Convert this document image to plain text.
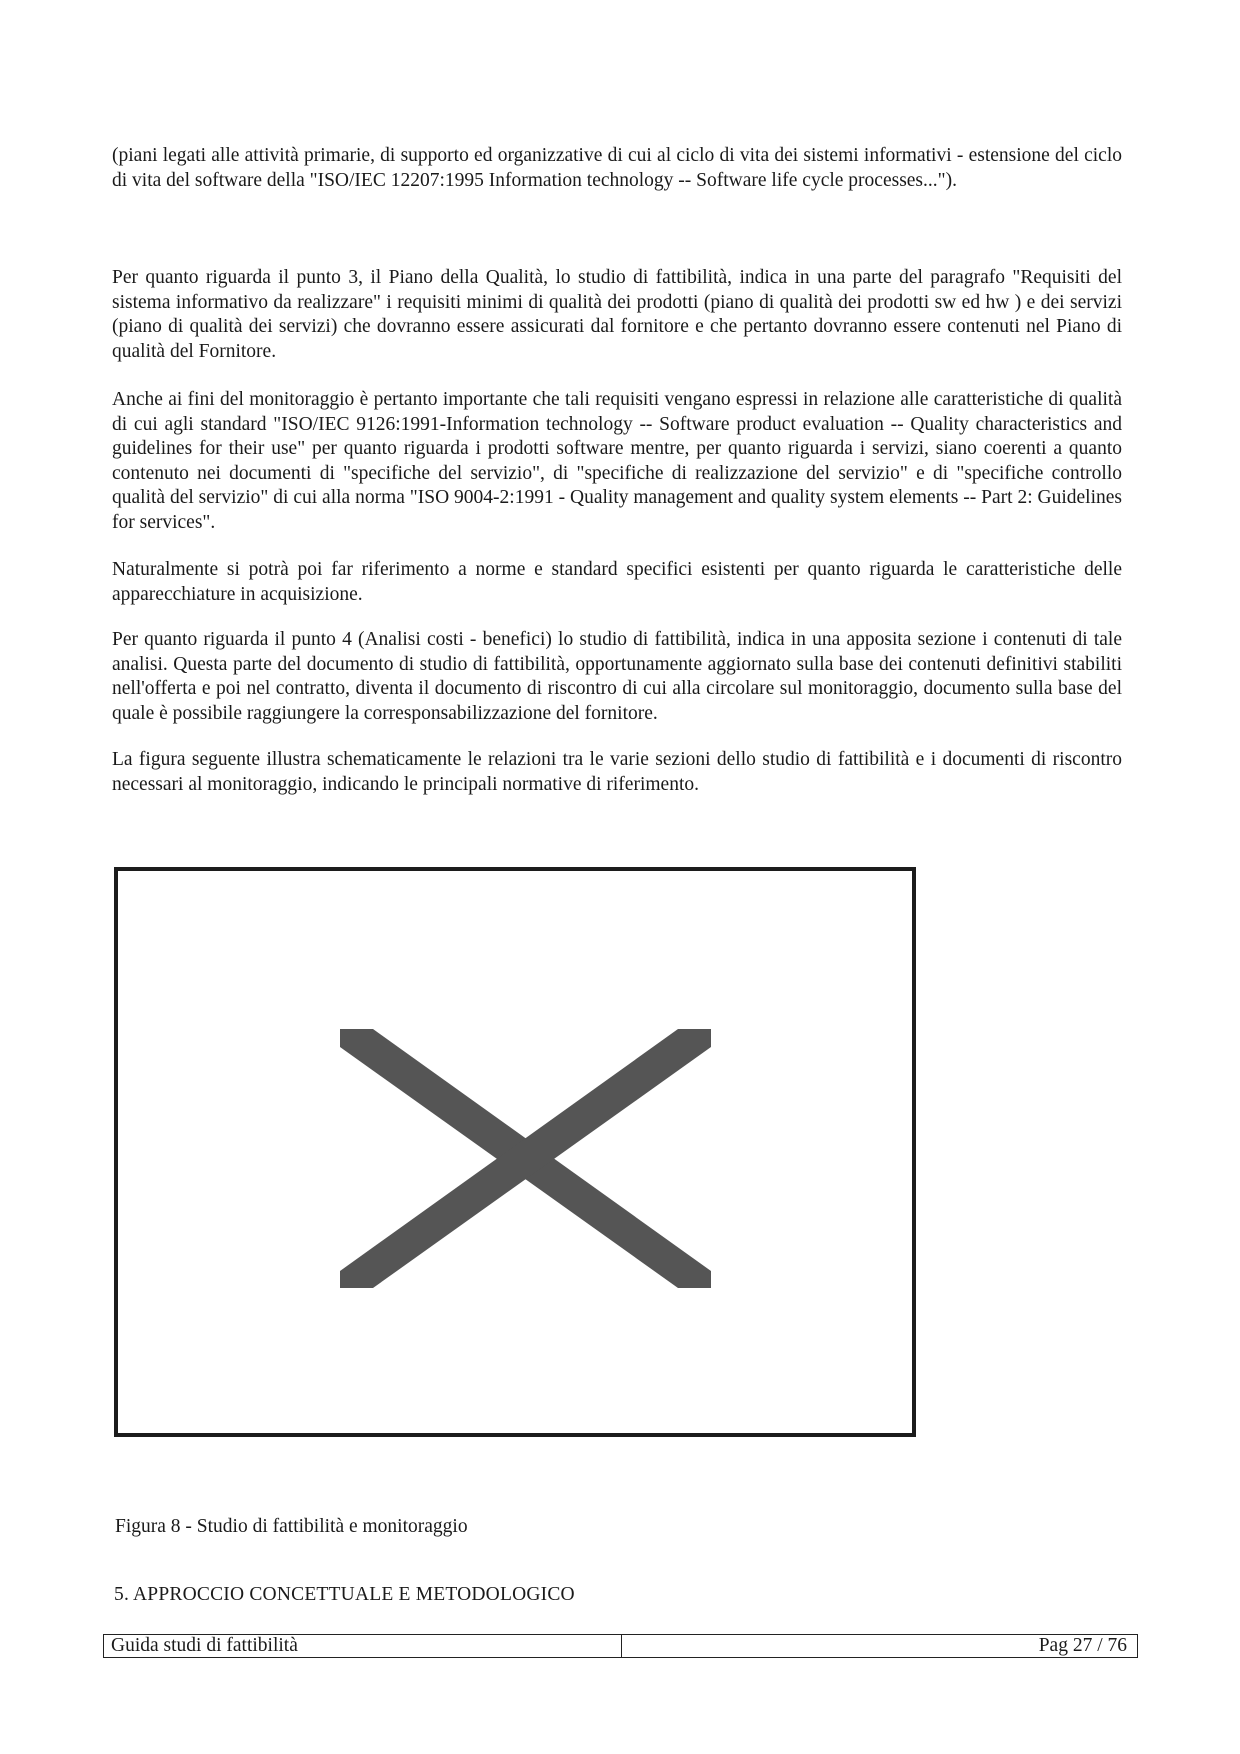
(piani legati alle attività primarie, di supporto ed organizzative di cui al ciclo di vita dei sistemi informativi - estensione del ciclo di vita del software della "ISO/IEC 12207:1995 Information technology -- Software life cycle processes...").

Per quanto riguarda il punto 3, il Piano della Qualità, lo studio di fattibilità, indica in una parte del paragrafo "Requisiti del sistema informativo da realizzare" i requisiti minimi di qualità dei prodotti (piano di qualità dei prodotti sw ed hw ) e dei servizi (piano di qualità dei servizi) che dovranno essere assicurati dal fornitore e che pertanto dovranno essere contenuti nel Piano di qualità del Fornitore.

Anche ai fini del monitoraggio è pertanto importante che tali requisiti vengano espressi in relazione alle caratteristiche di qualità di cui agli standard "ISO/IEC 9126:1991-Information technology -- Software product evaluation -- Quality characteristics and guidelines for their use" per quanto riguarda i prodotti software mentre, per quanto riguarda i servizi, siano coerenti a quanto contenuto nei documenti di "specifiche del servizio", di "specifiche di realizzazione del servizio" e di "specifiche controllo qualità del servizio" di cui alla norma "ISO 9004-2:1991 - Quality management and quality system elements -- Part 2: Guidelines for services".

Naturalmente si potrà poi far riferimento a norme e standard specifici esistenti per quanto riguarda le caratteristiche delle apparecchiature in acquisizione.

Per quanto riguarda il punto 4 (Analisi costi - benefici) lo studio di fattibilità, indica in una apposita sezione i contenuti di tale analisi. Questa parte del documento di studio di fattibilità, opportunamente aggiornato sulla base dei contenuti definitivi stabiliti nell'offerta e poi nel contratto, diventa il documento di riscontro di cui alla circolare sul monitoraggio, documento sulla base del quale è possibile raggiungere la corresponsabilizzazione del fornitore.

La figura seguente illustra schematicamente le relazioni tra le varie sezioni dello studio di fattibilità e i documenti di riscontro necessari al monitoraggio, indicando le principali normative di riferimento.

Figura 8 - Studio di fattibilità e monitoraggio

5. APPROCCIO CONCETTUALE E METODOLOGICO

Guida studi di fattibilità	Pag 27 / 76
